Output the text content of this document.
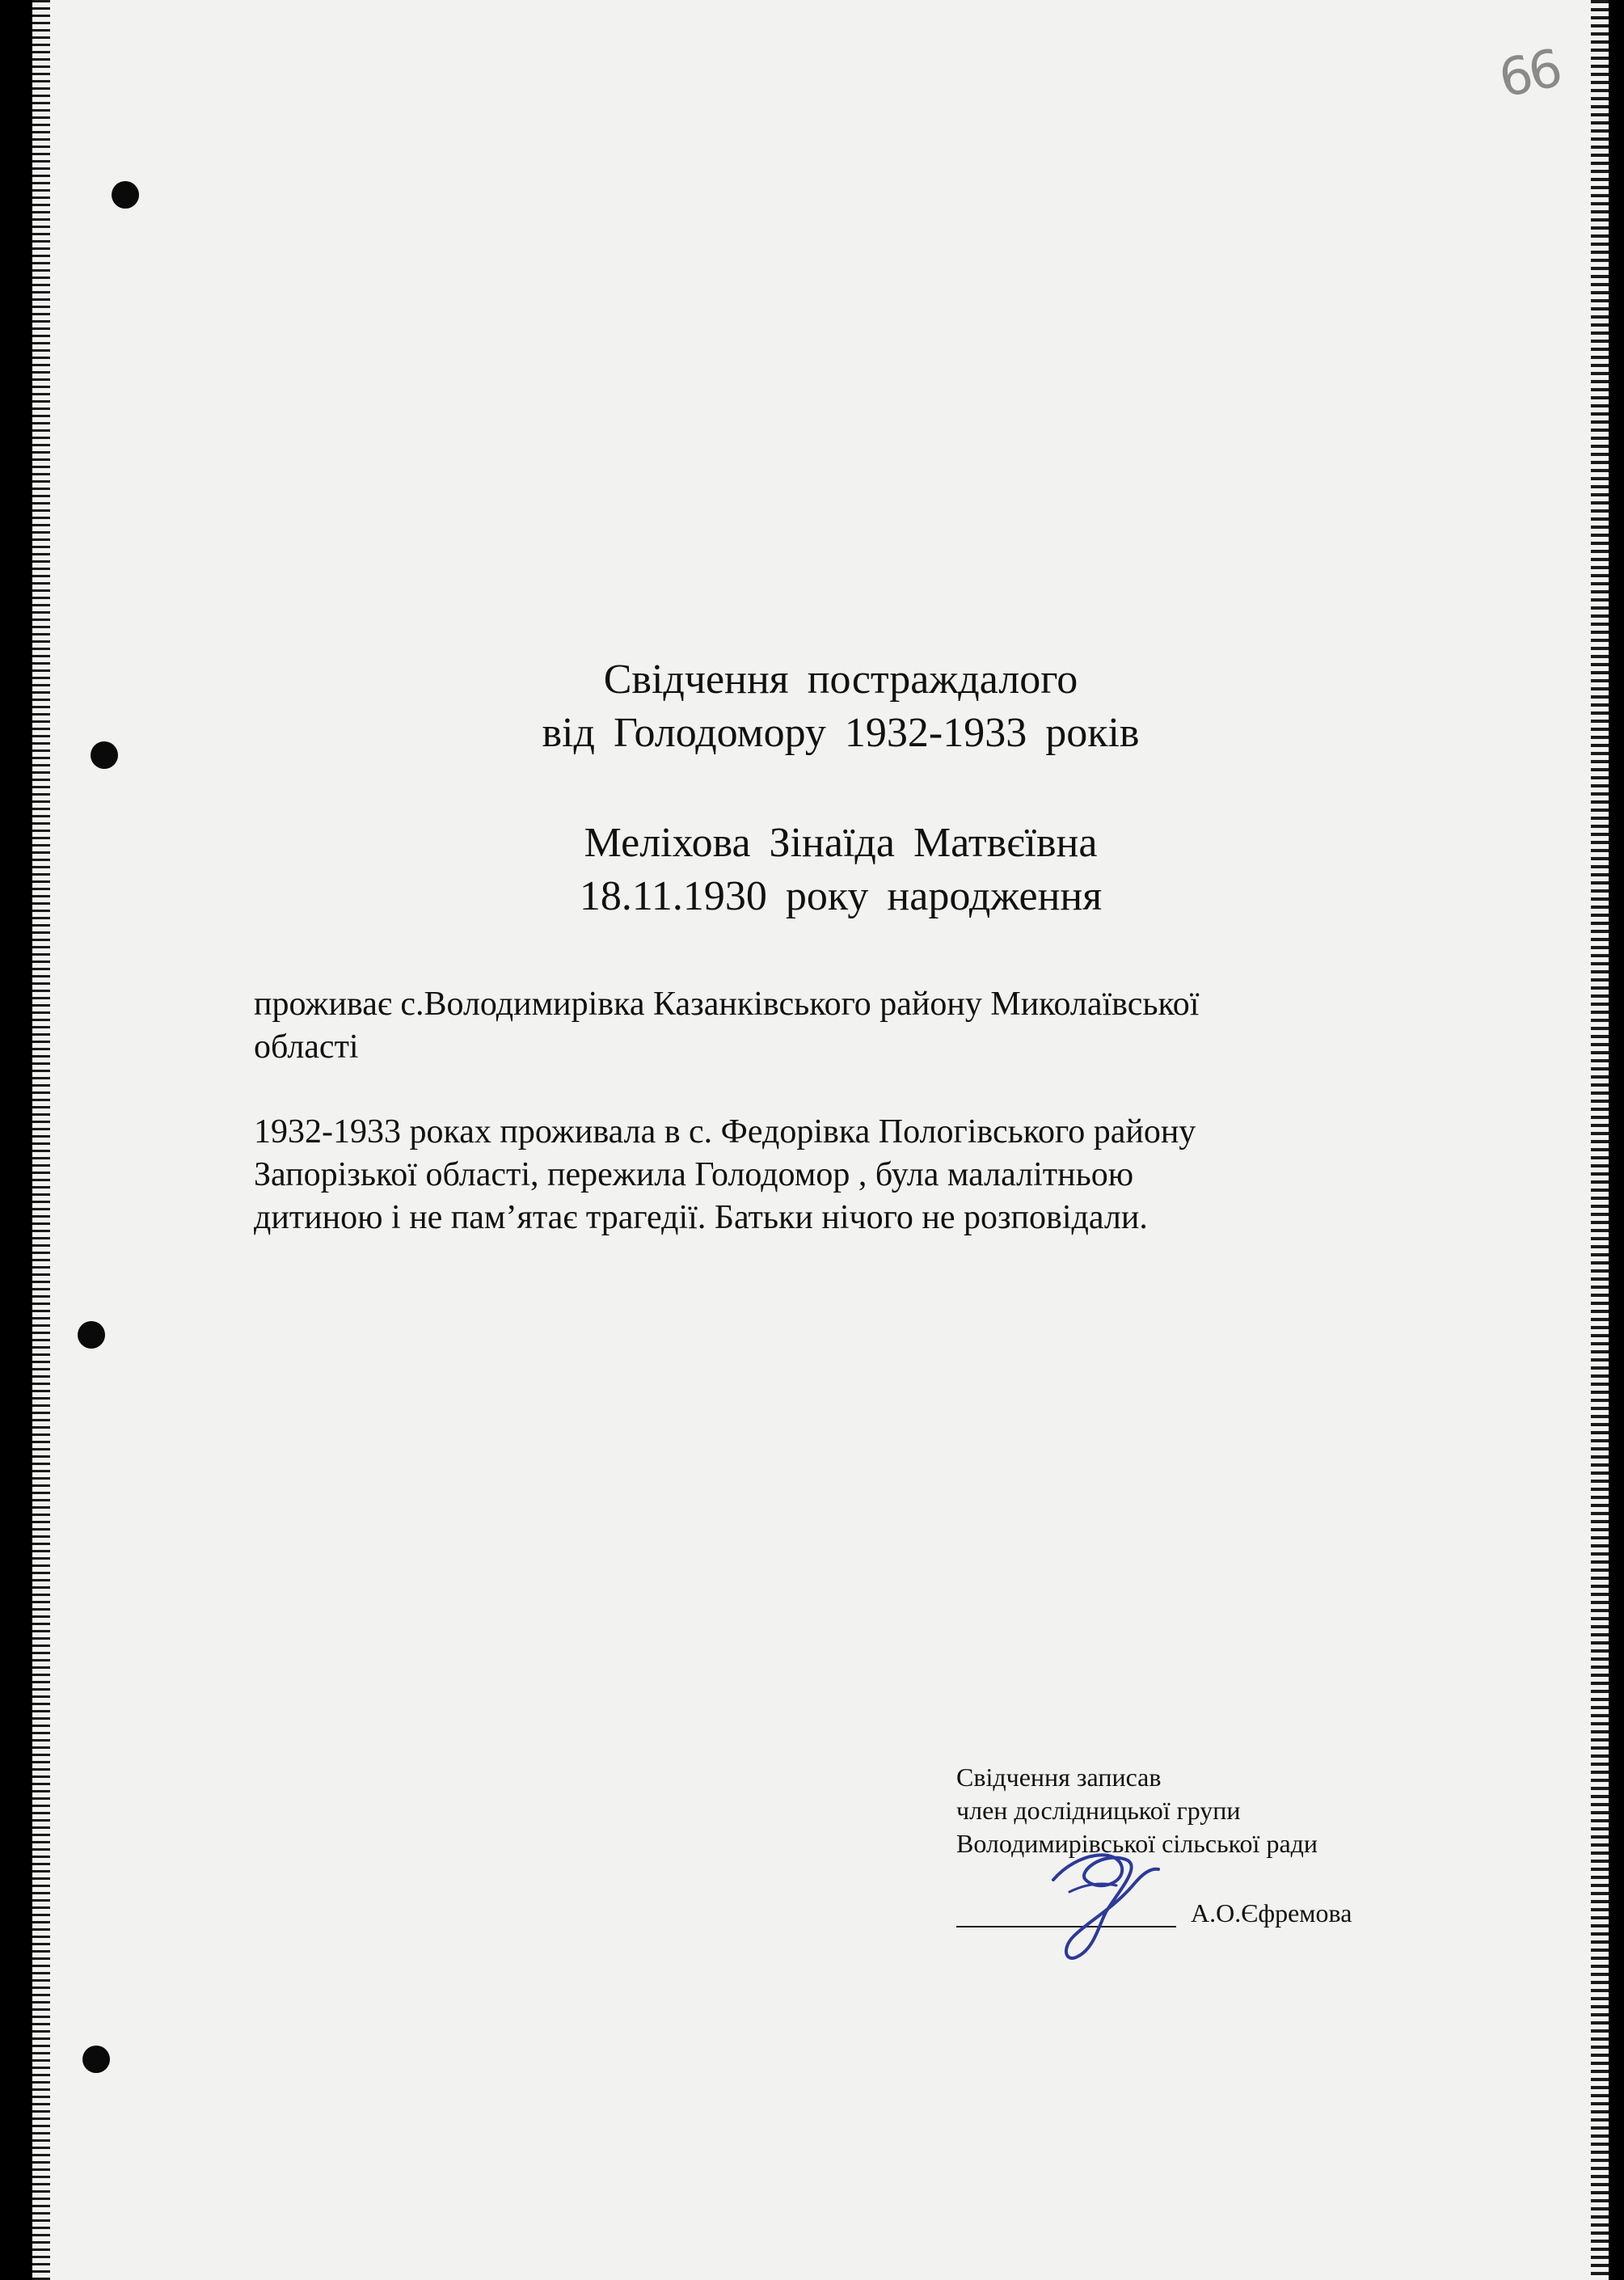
66
Свідчення постраждалого
від Голодомору 1932-1933 років
Меліхова Зінаїда Матвєївна
18.11.1930 року народження
проживає с.Володимирівка Казанківського району Миколаївської
області
1932-1933 роках проживала в с. Федорівка Пологівського району
Запорізької області, пережила Голодомор , була малалітньою
дитиною і не пам’ятає трагедії. Батьки нічого не розповідали.
Свідчення записав
член дослідницької групи
Володимирівської сільської ради
А.О.Єфремова
